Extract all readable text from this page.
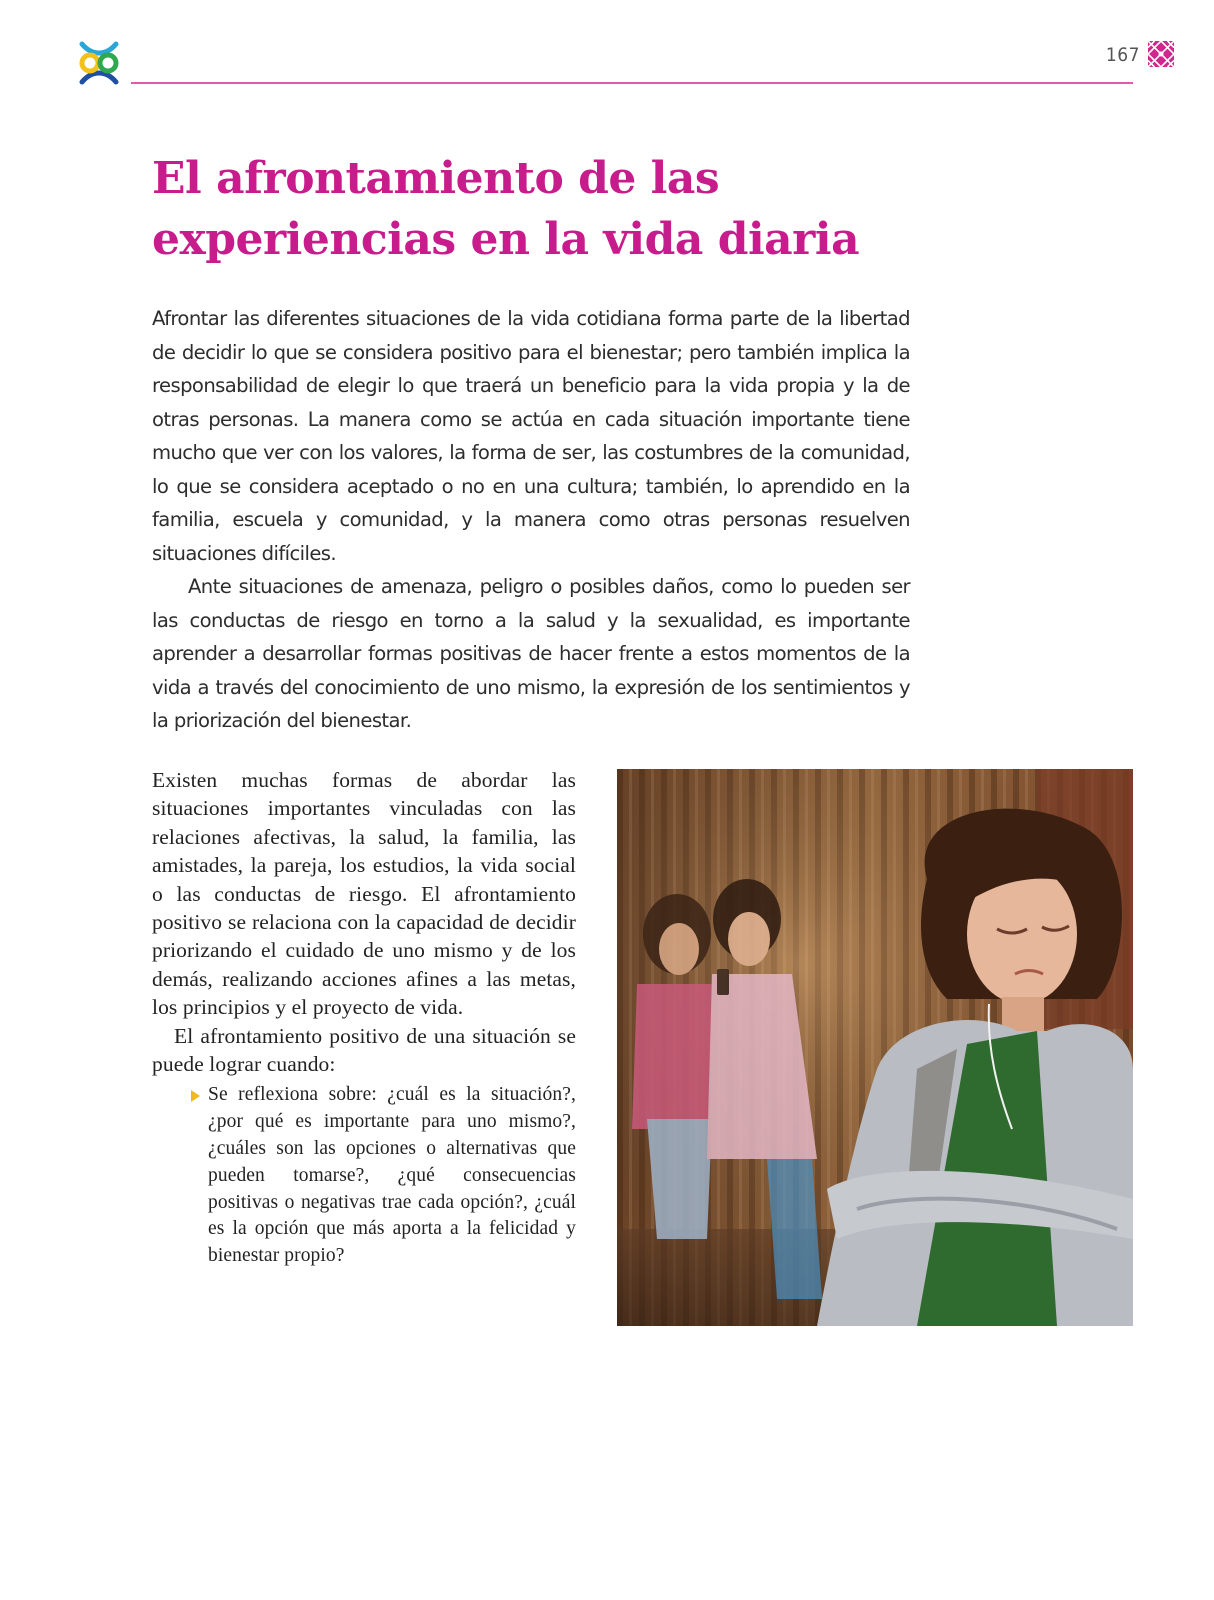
167
El afrontamiento de las
experiencias en la vida diaria

Afrontar las diferentes situaciones de la vida cotidiana forma parte de la libertad de decidir lo que se considera positivo para el bienestar; pero también implica la responsabilidad de elegir lo que traerá un beneficio para la vida propia y la de otras personas. La manera como se actúa en cada situación importante tiene mucho que ver con los valores, la forma de ser, las costumbres de la comunidad, lo que se considera aceptado o no en una cultura; también, lo aprendido en la familia, escuela y comunidad, y la manera como otras personas resuelven situaciones difíciles.

Ante situaciones de amenaza, peligro o posibles daños, como lo pueden ser las conductas de riesgo en torno a la salud y la sexualidad, es importante aprender a desarrollar formas positivas de hacer frente a estos momentos de la vida a través del conocimiento de uno mismo, la expresión de los sentimientos y la priorización del bienestar.

Existen muchas formas de abordar las situaciones importantes vinculadas con las relaciones afectivas, la salud, la familia, las amistades, la pareja, los estudios, la vida social o las conductas de riesgo. El afrontamiento positivo se relaciona con la capacidad de decidir priorizando el cuidado de uno mismo y de los demás, realizando acciones afines a las metas, los principios y el proyecto de vida.

El afrontamiento positivo de una situación se puede lograr cuando:

Se reflexiona sobre: ¿cuál es la situación?, ¿por qué es importante para uno mismo?, ¿cuáles son las opciones o alternativas que pueden tomarse?, ¿qué consecuencias positivas o negativas trae cada opción?, ¿cuál es la opción que más aporta a la felicidad y bienestar propio?
